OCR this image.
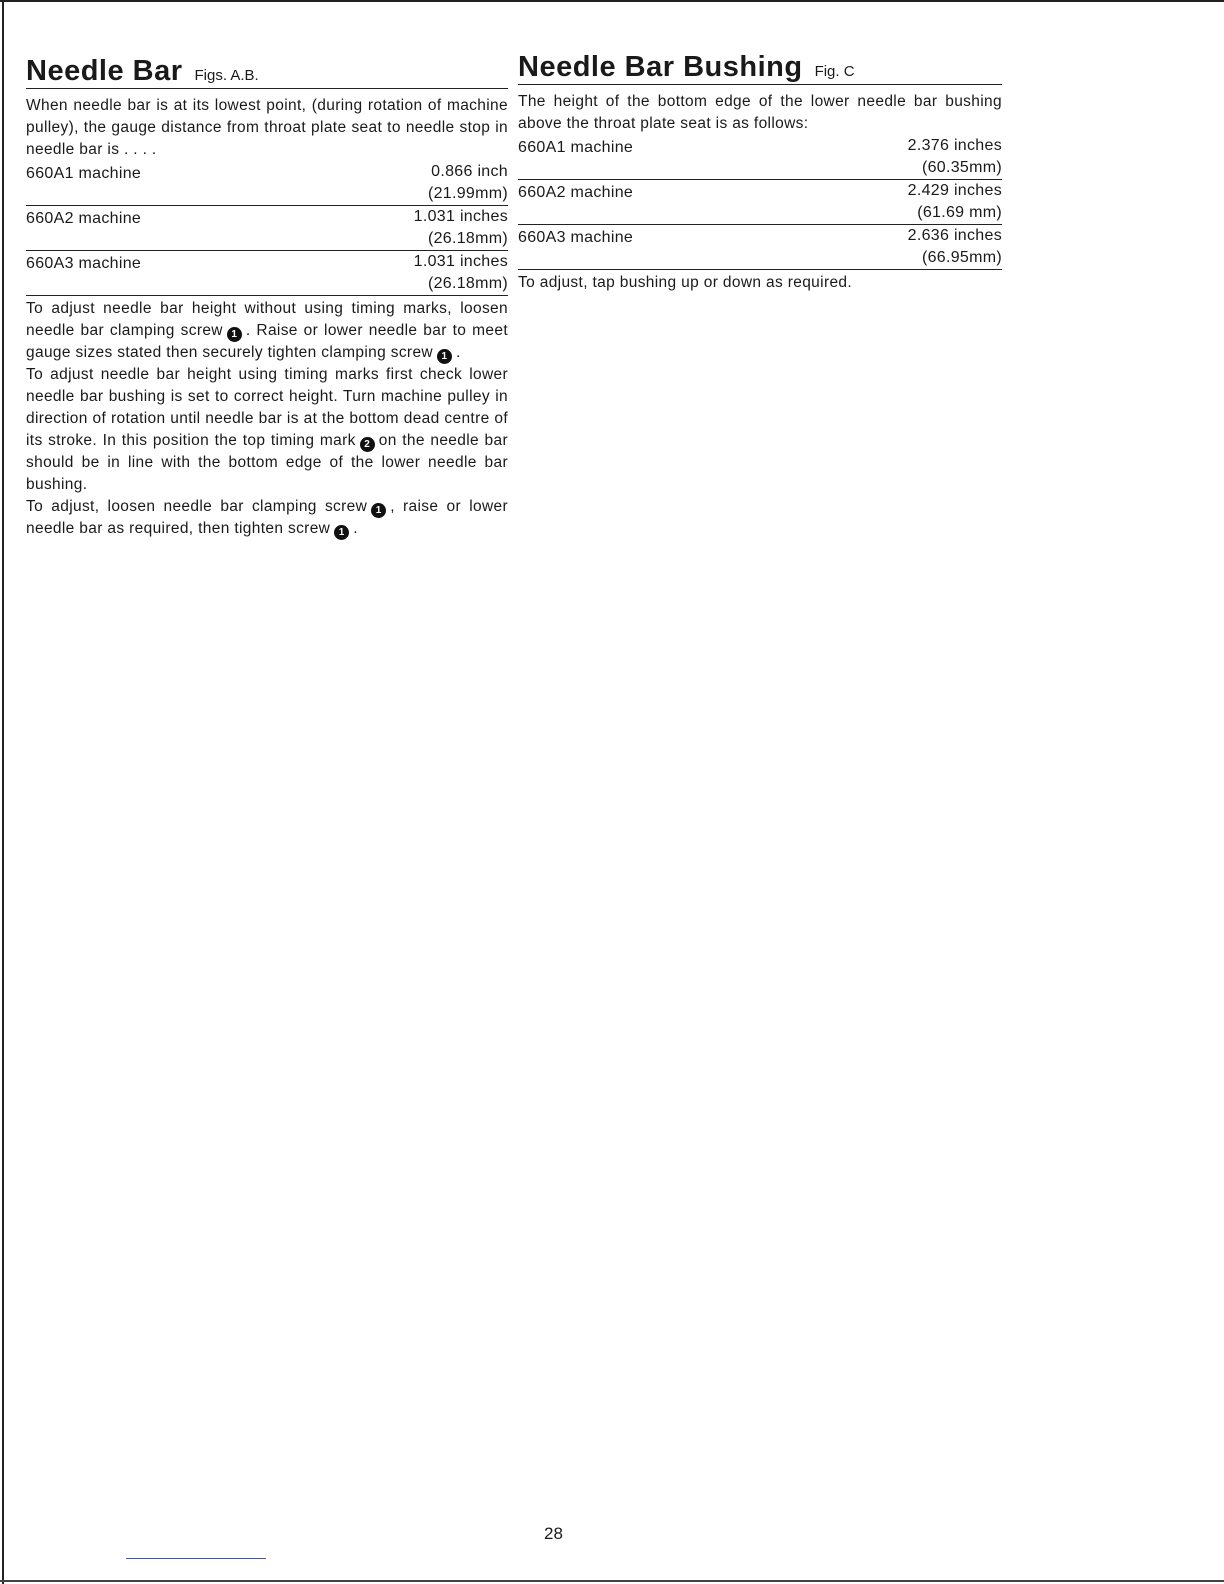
Needle Bar Figs. A.B.

When needle bar is at its lowest point, (during rotation of machine pulley), the gauge distance from throat plate seat to needle stop in needle bar is . . . .

660A1 machine	0.866 inch
(21.99mm)
660A2 machine	1.031 inches
(26.18mm)
660A3 machine	1.031 inches
(26.18mm)

To adjust needle bar height without using timing marks, loosen needle bar clamping screw 1 . Raise or lower needle bar to meet gauge sizes stated then securely tighten clamping screw 1 .

To adjust needle bar height using timing marks first check lower needle bar bushing is set to correct height. Turn machine pulley in direction of rotation until needle bar is at the bottom dead centre of its stroke. In this position the top timing mark 2 on the needle bar should be in line with the bottom edge of the lower needle bar bushing.

To adjust, loosen needle bar clamping screw 1 , raise or lower needle bar as required, then tighten screw 1 .

Needle Bar Bushing Fig. C

The height of the bottom edge of the lower needle bar bushing above the throat plate seat is as follows:

660A1 machine	2.376 inches
(60.35mm)
660A2 machine	2.429 inches
(61.69 mm)
660A3 machine	2.636 inches
(66.95mm)

To adjust, tap bushing up or down as required.

28
